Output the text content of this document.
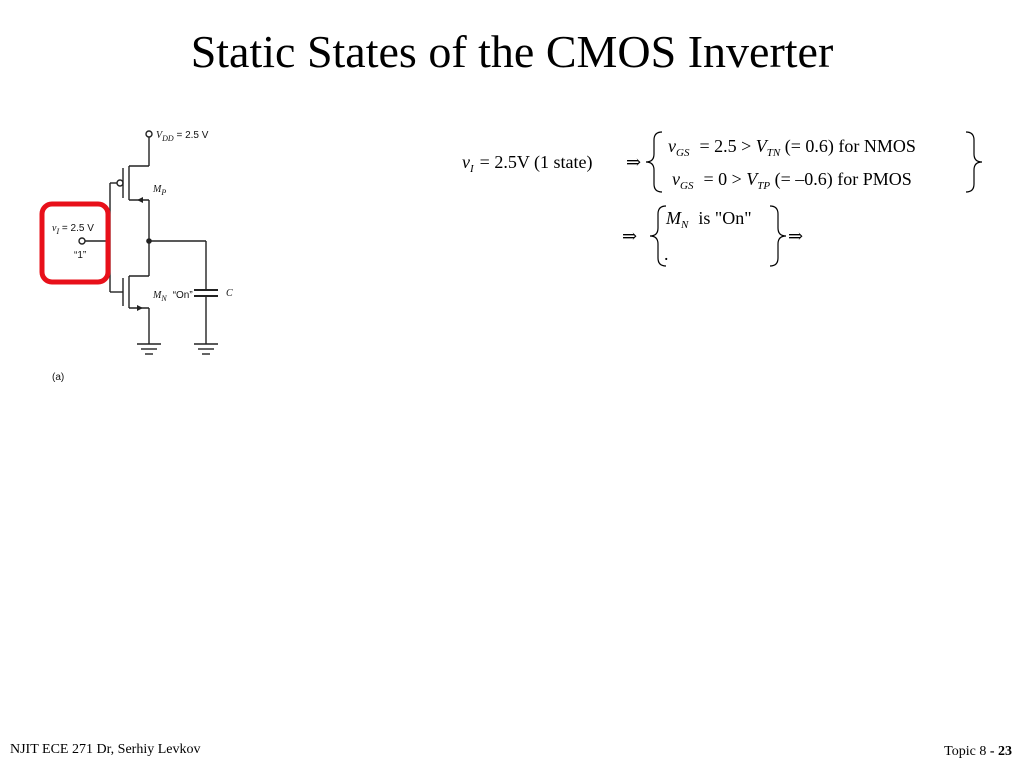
Static States of the CMOS Inverter
$V_{DD} = 2.5$ V
$M_P$
$M_N$ “On”
$v_I = 2.5$ V
“1”
C
(a)
$v_I = 2.5V$ (1 state) ⇒
$v_{GS} = 2.5 > V_{TN}$ (= 0.6) for NMOS
$v_{GS} = 0 > V_{TP}$ (= –0.6) for PMOS
⇒
$M_N$ is "On"
.
⇒
NJIT ECE 271 Dr, Serhiy Levkov	Topic 8 - 23
